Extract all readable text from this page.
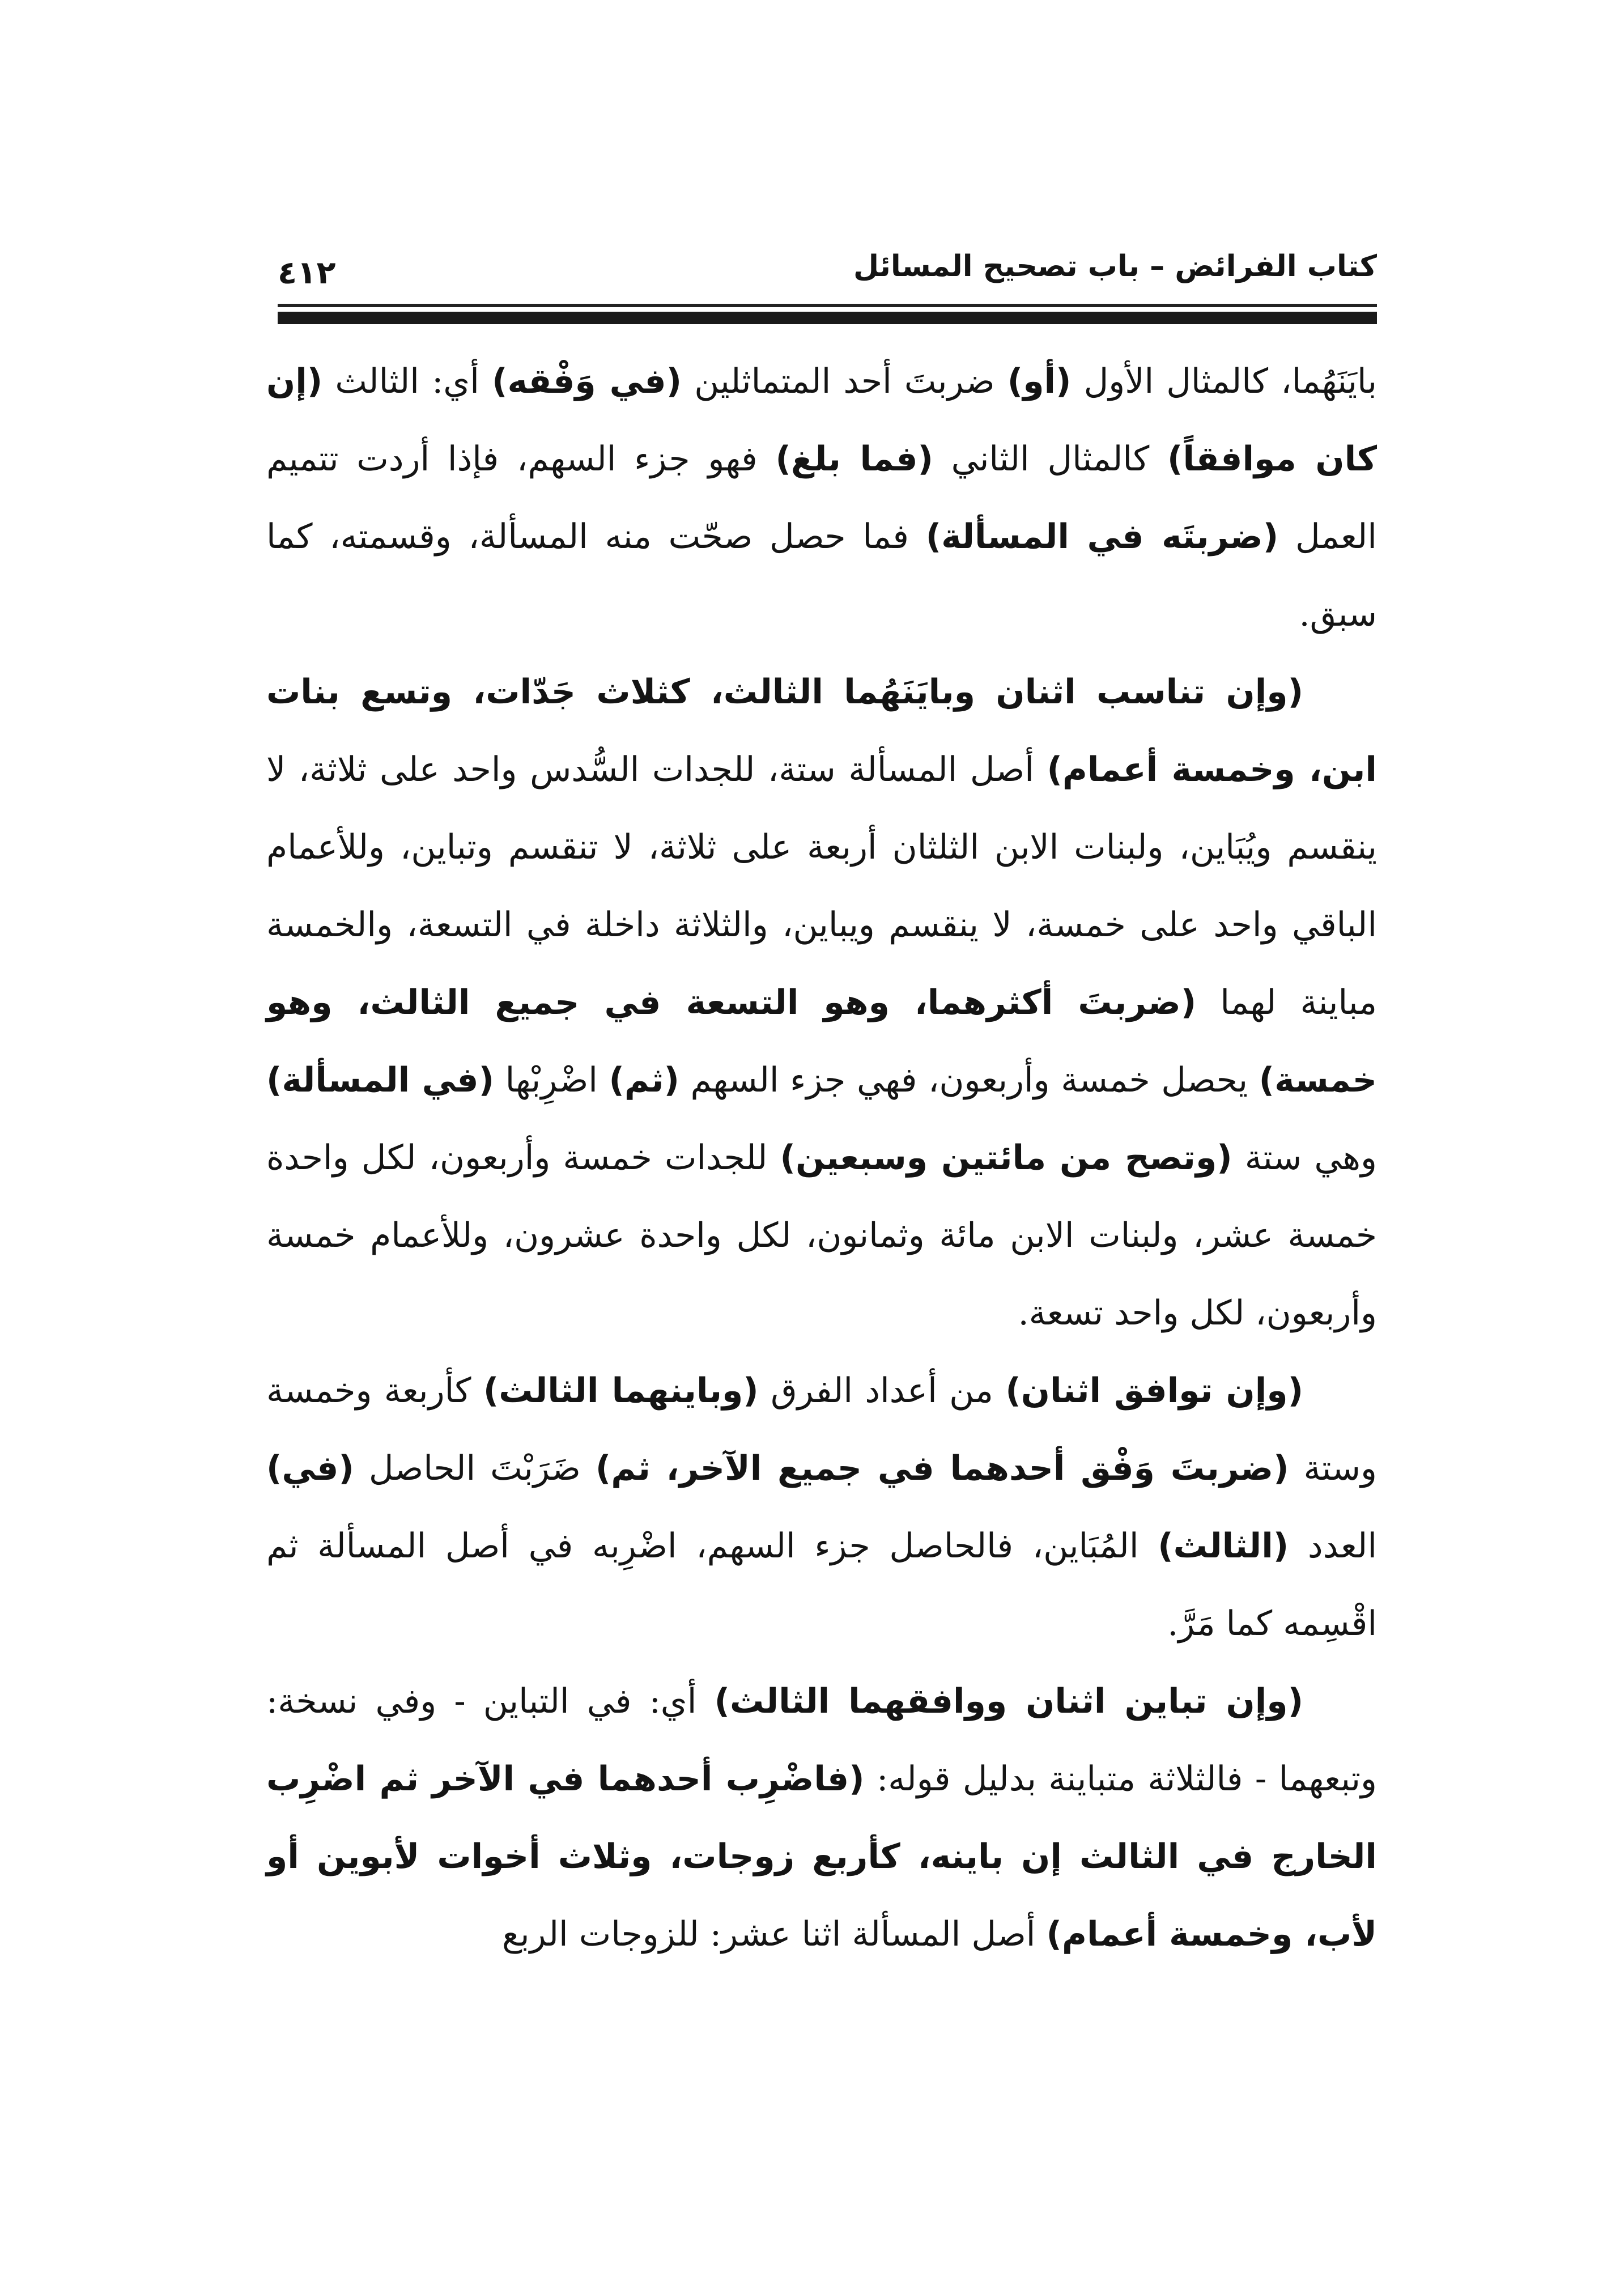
٤١٢	كتاب الفرائض – باب تصحيح المسائل

بايَنَهُما، كالمثال الأول (أو) ضربتَ أحد المتماثلين (في وَفْقه) أي: الثالث (إن كان موافقاً) كالمثال الثاني (فما بلغ) فهو جزء السهم، فإذا أردت تتميم العمل (ضربتَه في المسألة) فما حصل صحّت منه المسألة، وقسمته، كما سبق.

(وإن تناسب اثنان وبايَنَهُما الثالث، كثلاث جَدّات، وتسع بنات ابن، وخمسة أعمام) أصل المسألة ستة، للجدات السُّدس واحد على ثلاثة، لا ينقسم ويُبَاين، ولبنات الابن الثلثان أربعة على ثلاثة، لا تنقسم وتباين، وللأعمام الباقي واحد على خمسة، لا ينقسم ويباين، والثلاثة داخلة في التسعة، والخمسة مباينة لهما (ضربتَ أكثرهما، وهو التسعة في جميع الثالث، وهو خمسة) يحصل خمسة وأربعون، فهي جزء السهم (ثم) اضْرِبْها (في المسألة) وهي ستة (وتصح من مائتين وسبعين) للجدات خمسة وأربعون، لكل واحدة خمسة عشر، ولبنات الابن مائة وثمانون، لكل واحدة عشرون، وللأعمام خمسة وأربعون، لكل واحد تسعة.

(وإن توافق اثنان) من أعداد الفرق (وباينهما الثالث) كأربعة وخمسة وستة (ضربتَ وَفْق أحدهما في جميع الآخر، ثم) ضَرَبْتَ الحاصل (في) العدد (الثالث) المُبَاين، فالحاصل جزء السهم، اضْرِبه في أصل المسألة ثم اقْسِمه كما مَرَّ.

(وإن تباين اثنان ووافقهما الثالث) أي: في التباين - وفي نسخة: وتبعهما - فالثلاثة متباينة بدليل قوله: (فاضْرِب أحدهما في الآخر ثم اضْرِب الخارج في الثالث إن باينه، كأربع زوجات، وثلاث أخوات لأبوين أو لأب، وخمسة أعمام) أصل المسألة اثنا عشر: للزوجات الربع
